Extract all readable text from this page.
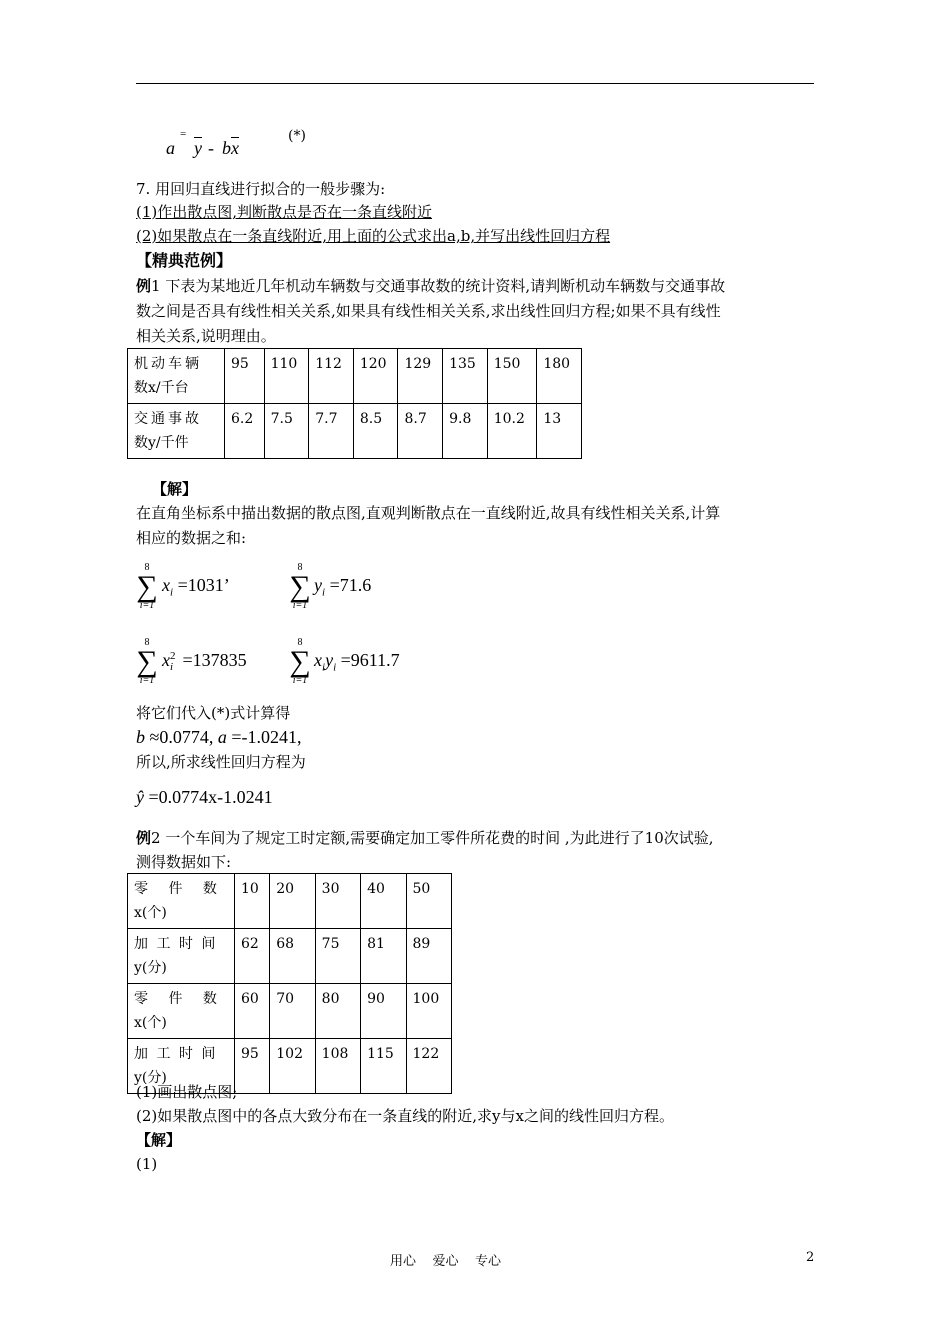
a
=
$\overline{y}$ - b $\overline{x}$
(*)
7. 用回归直线进行拟合的一般步骤为:
(1)作出散点图,判断散点是否在一条直线附近
(2)如果散点在一条直线附近,用上面的公式求出a,b,并写出线性回归方程
【精典范例】
例1 下表为某地近几年机动车辆数与交通事故数的统计资料,请判断机动车辆数与交通事故
数之间是否具有线性相关关系,如果具有线性相关关系,求出线性回归方程;如果不具有线性
相关关系,说明理由。
机动车辆
数x/千台	95	110	112	120	129	135	150	180

交通事故
数y/千件	6.2	7.5	7.7	8.5	8.7	9.8	10.2	13
【解】
在直角坐标系中描出数据的散点图,直观判断散点在一直线附近,故具有线性相关关系,计算
相应的数据之和:
8
∑
i=1
$x_i =1031$’
8
∑
i=1
$y_i =71.6$
8
∑
i=1
x 2
i =137835
8
∑
i=1
$x_iy_i =9611.7$
将它们代入(*)式计算得
b ≈0.0774, a =-1.0241,
所以,所求线性回归方程为
ŷ =0.0774x-1.0241
例2 一个车间为了规定工时定额,需要确定加工零件所花费的时间 ,为此进行了10次试验,
测得数据如下:
零 件 数
x(个)	10	20	30	40	50

加 工 时 间
y(分)	62	68	75	81	89

零 件 数
x(个)	60	70	80	90	100

加 工 时 间
y(分)	95	102	108	115	122
(1)画出散点图;
(2)如果散点图中的各点大致分布在一条直线的附近,求y与x之间的线性回归方程。
【解】
(1)
用心    爱心    专心	2
